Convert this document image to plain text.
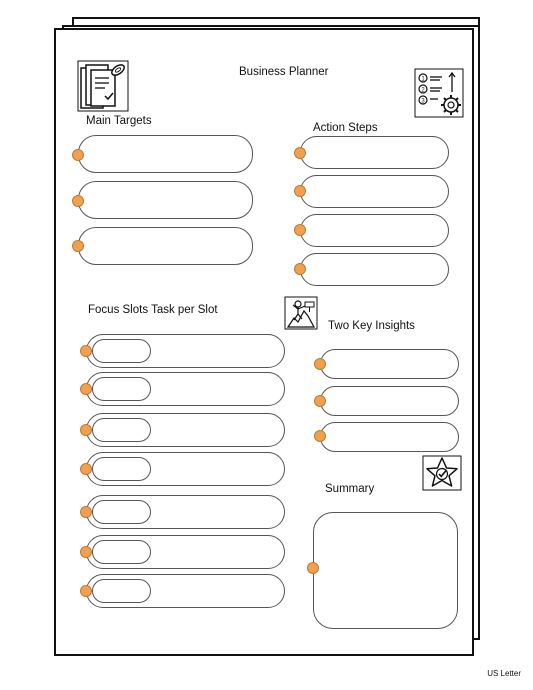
Business Planner
1
2
3
Main Targets
Action Steps
Focus Slots Task per Slot
Two Key Insights
Summary
US Letter
